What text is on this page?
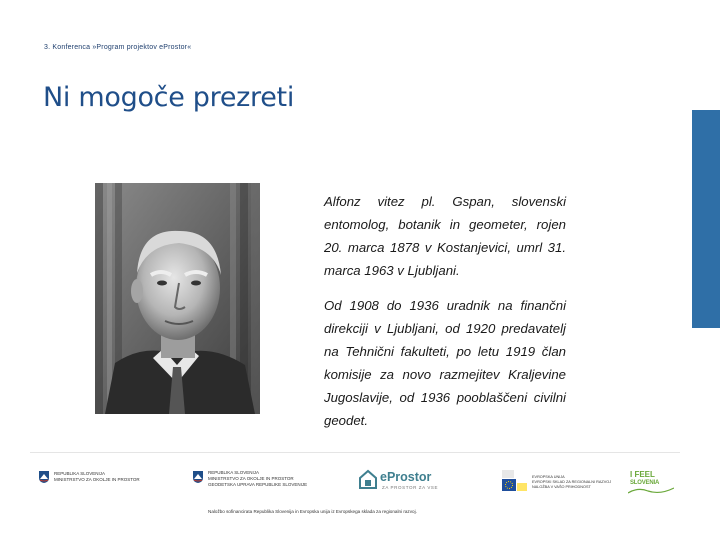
3. Konferenca »Program projektov eProstor«
Ni mogoče prezreti

Alfonz vitez pl. Gspan, slovenski entomolog, botanik in geometer, rojen 20. marca 1878 v Kostanjevici, umrl 31. marca 1963 v Ljubljani.

Od 1908 do 1936 uradnik na finančni direkciji v Ljubljani, od 1920 predavatelj na Tehnični fakulteti, po letu 1919 član komisije za novo razmejitev Kraljevine Jugoslavije, od 1936 pooblaščeni civilni geodet.

REPUBLIKA SLOVENIJA
MINISTRSTVO ZA OKOLJE IN PROSTOR
REPUBLIKA SLOVENIJA
MINISTRSTVO ZA OKOLJE IN PROSTOR
GEODETSKA UPRAVA REPUBLIKE SLOVENIJE
eProstor
ZA PROSTOR ZA VSE
EVROPSKA UNIJA
EVROPSKI SKLAD ZA REGIONALNI RAZVOJ
NALOŽBA V VAŠO PRIHODNOST
I FEEL
SLOVENIA
Naložbo sofinancirata Republika Slovenija in Evropska unija iz Evropskega sklada za regionalni razvoj.
